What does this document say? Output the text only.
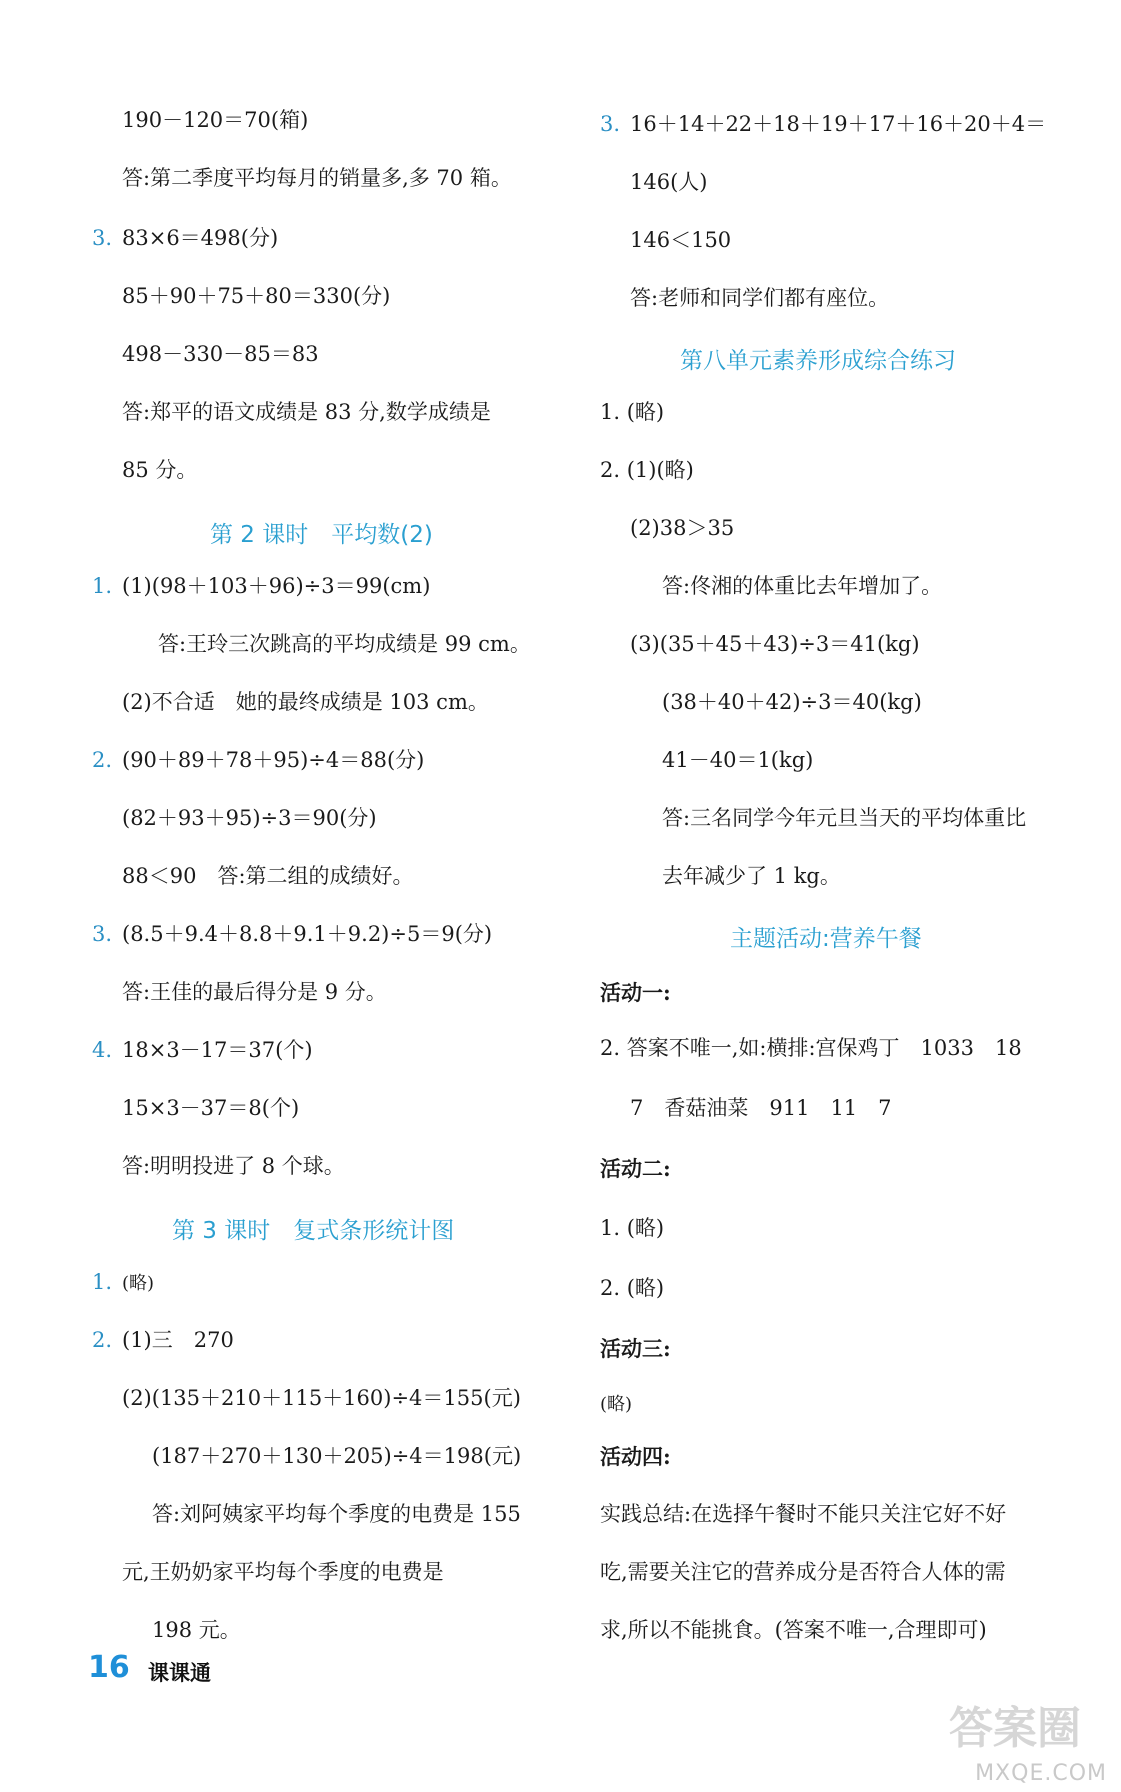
190－120＝70(箱)
答:第二季度平均每月的销量多,多 70 箱。
3. 83×6＝498(分)
85＋90＋75＋80＝330(分)
498－330－85＝83
答:郑平的语文成绩是 83 分,数学成绩是
85 分。
第 2 课时　平均数(2)
1. (1)(98＋103＋96)÷3＝99(cm)
答:王玲三次跳高的平均成绩是 99 cm。
(2)不合适　她的最终成绩是 103 cm。
2. (90＋89＋78＋95)÷4＝88(分)
(82＋93＋95)÷3＝90(分)
88＜90　答:第二组的成绩好。
3. (8.5＋9.4＋8.8＋9.1＋9.2)÷5＝9(分)
答:王佳的最后得分是 9 分。
4. 18×3－17＝37(个)
15×3－37＝8(个)
答:明明投进了 8 个球。
第 3 课时　复式条形统计图
1. (略)
2. (1)三　270
(2)(135＋210＋115＋160)÷4＝155(元)
(187＋270＋130＋205)÷4＝198(元)
答:刘阿姨家平均每个季度的电费是 155
元,王奶奶家平均每个季度的电费是
198 元。
3. 16＋14＋22＋18＋19＋17＋16＋20＋4＝
146(人)
146＜150
答:老师和同学们都有座位。
第八单元素养形成综合练习
1. (略)
2. (1)(略)
(2)38＞35
答:佟湘的体重比去年增加了。
(3)(35＋45＋43)÷3＝41(kg)
(38＋40＋42)÷3＝40(kg)
41－40＝1(kg)
答:三名同学今年元旦当天的平均体重比
去年减少了 1 kg。
主题活动:营养午餐
活动一:
2. 答案不唯一,如:横排:宫保鸡丁　1033　18
7　香菇油菜　911　11　7
活动二:
1. (略)
2. (略)
活动三:
(略)
活动四:
实践总结:在选择午餐时不能只关注它好不好
吃,需要关注它的营养成分是否符合人体的需
求,所以不能挑食。(答案不唯一,合理即可)
16 课课通
答案圈
MXQE.COM
